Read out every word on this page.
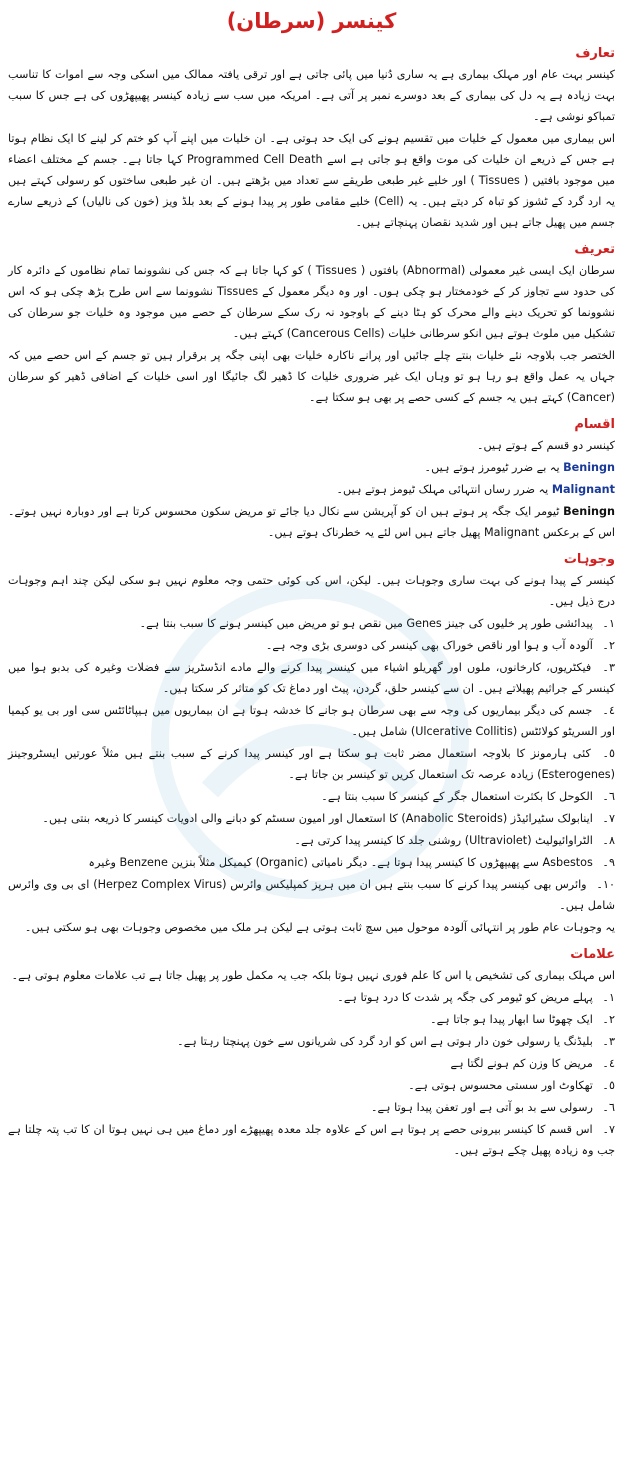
کینسر (سرطان)
تعارف
کینسر بہت عام اور مہلک بیماری ہے یہ ساری دُنیا میں پائی جاتی ہے اور ترقی یافتہ ممالک میں اسکی وجہ سے اموات کا تناسب بہت زیادہ ہے یہ دل کی بیماری کے بعد دوسرے نمبر پر آتی ہے۔ امریکہ میں سب سے زیادہ کینسر پھیپھڑوں کی ہے جس کا سبب تمباکو نوشی ہے۔
اس بیماری میں معمول کے خلیات میں تقسیم ہونے کی ایک حد ہوتی ہے۔ ان خلیات میں اپنے آپ کو ختم کر لینے کا ایک نظام ہوتا ہے جس کے ذریعے ان خلیات کی موت واقع ہو جاتی ہے اسے Programmed Cell Death کہا جاتا ہے۔ جسم کے مختلف اعضاء میں موجود بافتیں ( Tissues ) اور خلیے غیر طبعی طریقے سے تعداد میں بڑھتے ہیں۔ ان غیر طبعی ساختوں کو رسولی کہتے ہیں یہ ارد گرد کے ٹشوز کو تباہ کر دیتے ہیں۔ یہ (Cell) خلیے مقامی طور پر پیدا ہونے کے بعد بلڈ ویز (خون کی نالیاں) کے ذریعے سارے جسم میں پھیل جاتے ہیں اور شدید نقصان پہنچاتے ہیں۔
تعریف
سرطان ایک ایسی غیر معمولی (Abnormal) بافتوں ( Tissues ) کو کہا جاتا ہے کہ جس کی نشوونما تمام نظاموں کے دائرہ کار کی حدود سے تجاوز کر کے خودمختار ہو چکی ہوں۔ اور وہ دیگر معمول کے Tissues نشوونما سے اس طرح بڑھ چکی ہو کہ اس نشوونما کو تحریک دینے والے محرک کو ہٹا دینے کے باوجود نہ رک سکے سرطان کے حصے میں موجود وہ خلیات جو سرطان کی تشکیل میں ملوث ہوتے ہیں انکو سرطانی خلیات (Cancerous Cells) کہتے ہیں۔
الختصر جب بلاوجہ نئے خلیات بنتے چلے جائیں اور پرانے ناکارہ خلیات بھی اپنی جگہ پر برقرار ہیں تو جسم کے اس حصے میں کہ جہاں یہ عمل واقع ہو رہا ہو تو وہاں ایک غیر ضروری خلیات کا ڈھیر لگ جائیگا اور اسی خلیات کے اضافی ڈھیر کو سرطان (Cancer) کہتے ہیں یہ جسم کے کسی حصے پر بھی ہو سکتا ہے۔
اقسام
کینسر دو قسم کے ہوتے ہیں۔
Beningn یہ بے ضرر ٹیومرز ہوتے ہیں۔
Malignant یہ ضرر رساں انتہائی مہلک ٹیومز ہوتے ہیں۔
Beningn ٹیومر ایک جگہ پر ہوتے ہیں ان کو آپریشن سے نکال دیا جائے تو مریض سکون محسوس کرتا ہے اور دوبارہ نہیں ہوتے۔ اس کے برعکس Malignant پھیل جاتے ہیں اس لئے یہ خطرناک ہوتے ہیں۔
وجوہات
کینسر کے پیدا ہونے کی بہت ساری وجوہات ہیں۔ لیکن، اس کی کوئی حتمی وجہ معلوم نہیں ہو سکی لیکن چند اہم وجوہات درج ذیل ہیں۔
١۔ پیدائشی طور پر خلیوں کی جینز Genes میں نقص ہو تو مریض میں کینسر ہونے کا سبب بنتا ہے۔
٢۔ آلودہ آب و ہوا اور ناقص خوراک بھی کینسر کی دوسری بڑی وجہ ہے۔
٣۔ فیکٹریوں، کارخانوں، ملوں اور گھریلو اشیاء میں کینسر پیدا کرنے والے مادے انڈسٹریز سے فضلات وغیرہ کی بدبو ہوا میں کینسر کے جراثیم پھیلاتے ہیں۔ ان سے کینسر حلق، گردن، پیٹ اور دماغ تک کو متاثر کر سکتا ہیں۔
٤۔ جسم کی دیگر بیماریوں کی وجہ سے بھی سرطان ہو جانے کا خدشہ ہوتا ہے ان بیماریوں میں ہیپاٹائٹس سی اور بی یو کیمیا اور السریٹو کولائٹس (Ulcerative Collitis) شامل ہیں۔
٥۔ کئی ہارمونز کا بلاوجہ استعمال مضر ثابت ہو سکتا ہے اور کینسر پیدا کرنے کے سبب بنتے ہیں مثلاً عورتیں ایسٹروجینز (Esterogenes) زیادہ عرصہ تک استعمال کریں تو کینسر بن جاتا ہے۔
٦۔ الکوحل کا بکثرت استعمال جگر کے کینسر کا سبب بنتا ہے۔
٧۔ اینابولک سٹیرائیڈز (Anabolic Steroids) کا استعمال اور امیون سسٹم کو دبانے والی ادویات کینسر کا ذریعہ بنتی ہیں۔
٨۔ الٹراوائیولیٹ (Ultraviolet) روشنی جلد کا کینسر پیدا کرتی ہے۔
٩۔ Asbestos سے پھیپھڑوں کا کینسر پیدا ہوتا ہے۔ دیگر نامیاتی (Organic) کیمیکل مثلاً بنزین Benzene وغیرہ
١٠۔ وائرس بھی کینسر پیدا کرنے کا سبب بنتے ہیں ان میں ہرپز کمپلیکس وائرس (Herpez Complex Virus) ای بی وی وائرس شامل ہیں۔
یہ وجوہات عام طور پر انتہائی آلودہ موحول میں سچ ثابت ہوتی ہے لیکن ہر ملک میں مخصوص وجوہات بھی ہو سکتی ہیں۔
علامات
اس مہلک بیماری کی تشخیص یا اس کا علم فوری نہیں ہوتا بلکہ جب یہ مکمل طور پر پھیل جاتا ہے تب علامات معلوم ہوتی ہے۔
١۔ پہلے مریض کو ٹیومر کی جگہ پر شدت کا درد ہوتا ہے۔
٢۔ ایک چھوٹا سا ابھار پیدا ہو جاتا ہے۔
٣۔ بلیڈنگ یا رسولی خون دار ہوتی ہے اس کو ارد گرد کی شریانوں سے خون پہنچتا رہتا ہے۔
٤۔ مریض کا وزن کم ہونے لگتا ہے
٥۔ تھکاوٹ اور سستی محسوس ہوتی ہے۔
٦۔ رسولی سے بد بو آتی ہے اور تعفن پیدا ہوتا ہے۔
٧۔ اس قسم کا کینسر بیرونی حصے پر ہوتا ہے اس کے علاوہ جلد معدہ پھیپھڑے اور دماغ میں ہی نہیں ہوتا ان کا تب پتہ چلتا ہے جب وہ زیادہ پھیل چکے ہوتے ہیں۔
